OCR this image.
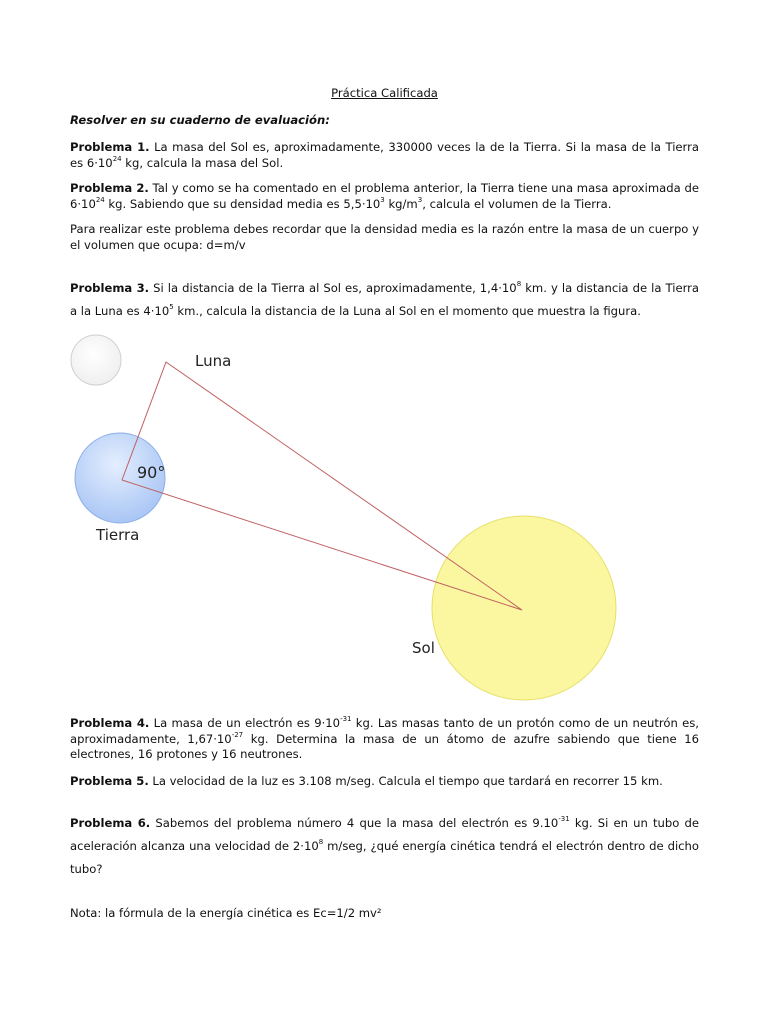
Práctica Calificada
Resolver en su cuaderno de evaluación:

Problema 1. La masa del Sol es, aproximadamente, 330000 veces la de la Tierra. Si la masa de la Tierra es $6\cdot 10^{24}$ kg, calcula la masa del Sol.

Problema 2. Tal y como se ha comentado en el problema anterior, la Tierra tiene una masa aproximada de $6\cdot 10^{24}$ kg. Sabiendo que su densidad media es $5,5\cdot 10^3$ $kg/m^3$, calcula el volumen de la Tierra.

Para realizar este problema debes recordar que la densidad media es la razón entre la masa de un cuerpo y el volumen que ocupa: d=m/v

Problema 3. Si la distancia de la Tierra al Sol es, aproximadamente, $1,4\cdot 10^8$ km. y la distancia de la Tierra a la Luna es $4\cdot 10^5$ km., calcula la distancia de la Luna al Sol en el momento que muestra la figura.

Problema 4. La masa de un electrón es $9\cdot 10^{-31}$ kg. Las masas tanto de un protón como de un neutrón es, aproximadamente, $1,67\cdot 10^{-27}$ kg. Determina la masa de un átomo de azufre sabiendo que tiene 16 electrones, 16 protones y 16 neutrones.

Problema 5. La velocidad de la luz es 3.108 m/seg. Calcula el tiempo que tardará en recorrer 15 km.

Problema 6. Sabemos del problema número 4 que la masa del electrón es $9.10^{-31}$ kg. Si en un tubo de aceleración alcanza una velocidad de $2\cdot 10^8$ m/seg, ¿qué energía cinética tendrá el electrón dentro de dicho tubo?

Nota: la fórmula de la energía cinética es Ec=1/2 mv²

Luna
90°
Tierra
Sol
